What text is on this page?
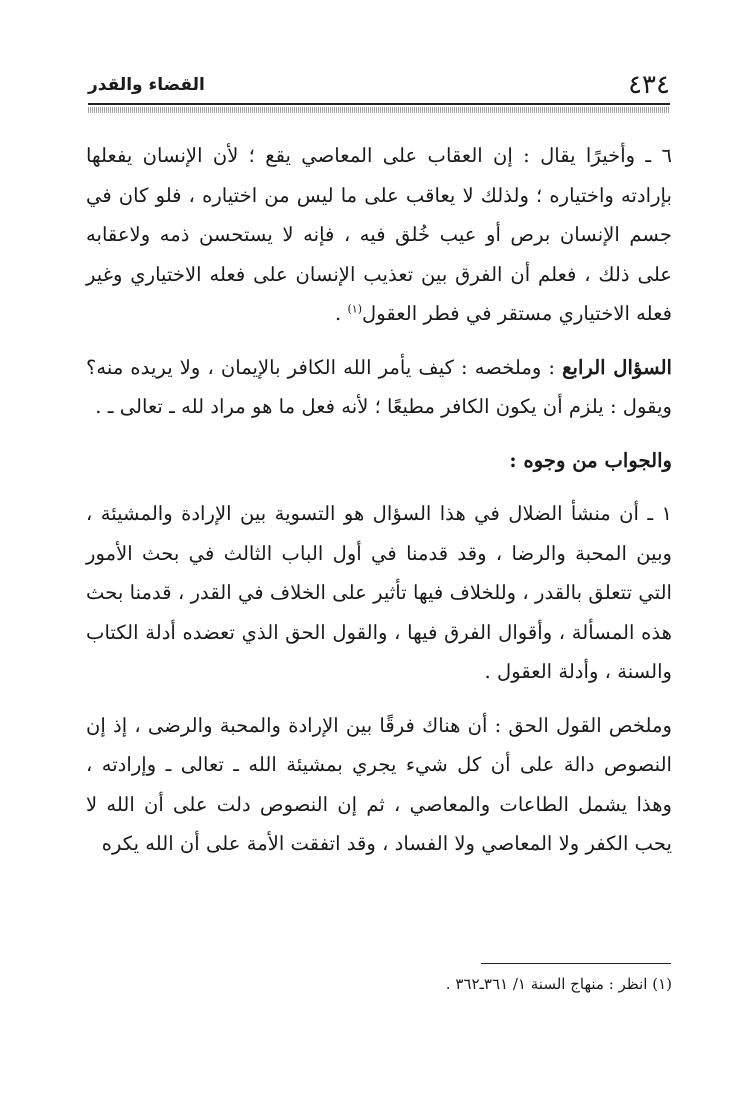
٤٣٤
القضاء والقدر

٦ ـ وأخيرًا يقال : إن العقاب على المعاصي يقع ؛ لأن الإنسان يفعلها بإرادته واختياره ؛ ولذلك لا يعاقب على ما ليس من اختياره ، فلو كان في جسم الإنسان برص أو عيب خُلق فيه ، فإنه لا يستحسن ذمه ولاعقابه على ذلك ، فعلم أن الفرق بين تعذيب الإنسان على فعله الاختياري وغير فعله الاختياري مستقر في فطر العقول$^{(١)}$ .

السؤال الرابع : وملخصه : كيف يأمر الله الكافر بالإيمان ، ولا يريده منه؟ ويقول : يلزم أن يكون الكافر مطيعًا ؛ لأنه فعل ما هو مراد لله ـ تعالى ـ .

والجواب من وجوه :

١ ـ أن منشأ الضلال في هذا السؤال هو التسوية بين الإرادة والمشيئة ، وبين المحبة والرضا ، وقد قدمنا في أول الباب الثالث في بحث الأمور التي تتعلق بالقدر ، وللخلاف فيها تأثير على الخلاف في القدر ، قدمنا بحث هذه المسألة ، وأقوال الفرق فيها ، والقول الحق الذي تعضده أدلة الكتاب والسنة ، وأدلة العقول .

وملخص القول الحق : أن هناك فرقًا بين الإرادة والمحبة والرضى ، إذ إن النصوص دالة على أن كل شيء يجري بمشيئة الله ـ تعالى ـ وإرادته ، وهذا يشمل الطاعات والمعاصي ، ثم إن النصوص دلت على أن الله لا يحب الكفر ولا المعاصي ولا الفساد ، وقد اتفقت الأمة على أن الله يكره

(١) انظر : منهاج السنة ١/ ٣٦١ـ٣٦٢ .
